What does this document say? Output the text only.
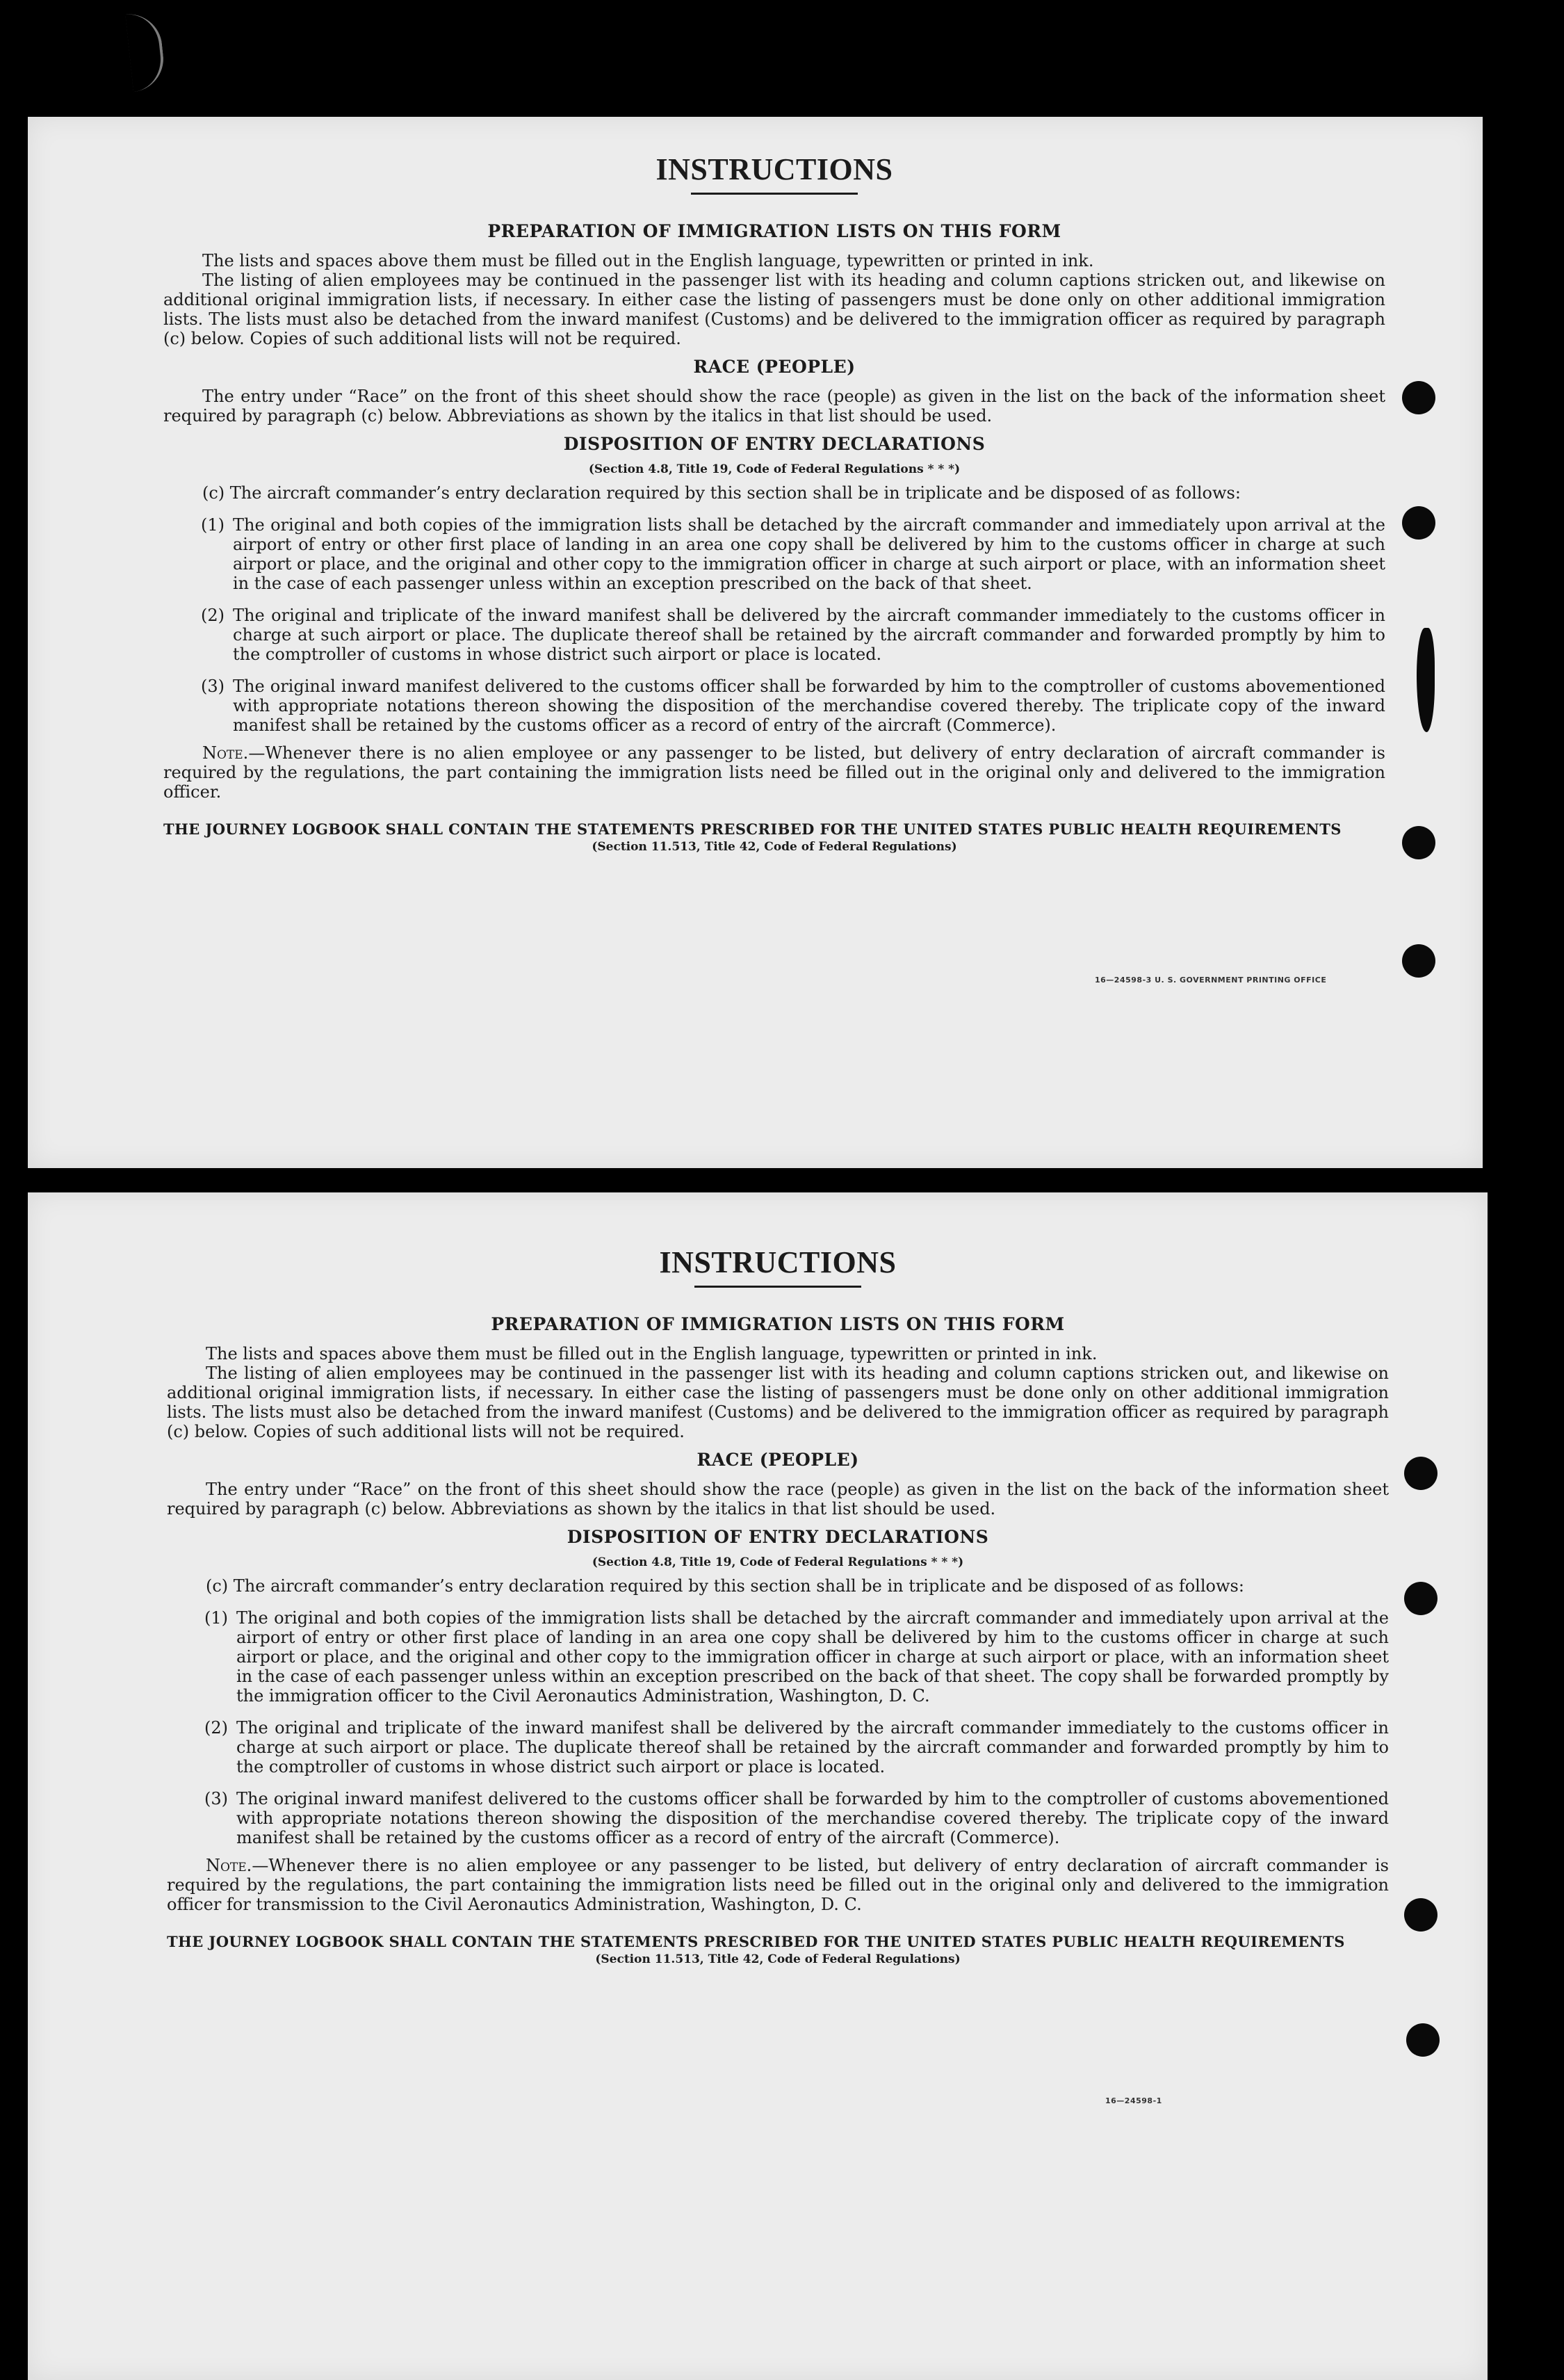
INSTRUCTIONS
PREPARATION OF IMMIGRATION LISTS ON THIS FORM

The lists and spaces above them must be filled out in the English language, typewritten or printed in ink.

The listing of alien employees may be continued in the passenger list with its heading and column captions stricken out, and likewise on additional original immigration lists, if necessary. In either case the listing of passengers must be done only on other additional immigration lists. The lists must also be detached from the inward manifest (Customs) and be delivered to the immigration officer as required by paragraph (c) below. Copies of such additional lists will not be required.

RACE (PEOPLE)

The entry under “Race” on the front of this sheet should show the race (people) as given in the list on the back of the information sheet required by paragraph (c) below. Abbreviations as shown by the italics in that list should be used.

DISPOSITION OF ENTRY DECLARATIONS
(Section 4.8, Title 19, Code of Federal Regulations * * *)

(c) The aircraft commander’s entry declaration required by this section shall be in triplicate and be disposed of as follows:

(1) The original and both copies of the immigration lists shall be detached by the aircraft commander and immediately upon arrival at the airport of entry or other first place of landing in an area one copy shall be delivered by him to the customs officer in charge at such airport or place, and the original and other copy to the immigration officer in charge at such airport or place, with an information sheet in the case of each passenger unless within an exception prescribed on the back of that sheet.

(2) The original and triplicate of the inward manifest shall be delivered by the aircraft commander immediately to the customs officer in charge at such airport or place. The duplicate thereof shall be retained by the aircraft commander and forwarded promptly by him to the comptroller of customs in whose district such airport or place is located.

(3) The original inward manifest delivered to the customs officer shall be forwarded by him to the comptroller of customs abovementioned with appropriate notations thereon showing the disposition of the merchandise covered thereby. The triplicate copy of the inward manifest shall be retained by the customs officer as a record of entry of the aircraft (Commerce).

Note.—Whenever there is no alien employee or any passenger to be listed, but delivery of entry declaration of aircraft commander is required by the regulations, the part containing the immigration lists need be filled out in the original only and delivered to the immigration officer.

THE JOURNEY LOGBOOK SHALL CONTAIN THE STATEMENTS PRESCRIBED FOR THE UNITED STATES PUBLIC HEALTH REQUIREMENTS
(Section 11.513, Title 42, Code of Federal Regulations)
16—24598-3 U. S. GOVERNMENT PRINTING OFFICE
INSTRUCTIONS
PREPARATION OF IMMIGRATION LISTS ON THIS FORM

The lists and spaces above them must be filled out in the English language, typewritten or printed in ink.

The listing of alien employees may be continued in the passenger list with its heading and column captions stricken out, and likewise on additional original immigration lists, if necessary. In either case the listing of passengers must be done only on other additional immigration lists. The lists must also be detached from the inward manifest (Customs) and be delivered to the immigration officer as required by paragraph (c) below. Copies of such additional lists will not be required.

RACE (PEOPLE)

The entry under “Race” on the front of this sheet should show the race (people) as given in the list on the back of the information sheet required by paragraph (c) below. Abbreviations as shown by the italics in that list should be used.

DISPOSITION OF ENTRY DECLARATIONS
(Section 4.8, Title 19, Code of Federal Regulations * * *)

(c) The aircraft commander’s entry declaration required by this section shall be in triplicate and be disposed of as follows:

(1) The original and both copies of the immigration lists shall be detached by the aircraft commander and immediately upon arrival at the airport of entry or other first place of landing in an area one copy shall be delivered by him to the customs officer in charge at such airport or place, and the original and other copy to the immigration officer in charge at such airport or place, with an information sheet in the case of each passenger unless within an exception prescribed on the back of that sheet. The copy shall be forwarded promptly by the immigration officer to the Civil Aeronautics Administration, Washington, D. C.

(2) The original and triplicate of the inward manifest shall be delivered by the aircraft commander immediately to the customs officer in charge at such airport or place. The duplicate thereof shall be retained by the aircraft commander and forwarded promptly by him to the comptroller of customs in whose district such airport or place is located.

(3) The original inward manifest delivered to the customs officer shall be forwarded by him to the comptroller of customs abovementioned with appropriate notations thereon showing the disposition of the merchandise covered thereby. The triplicate copy of the inward manifest shall be retained by the customs officer as a record of entry of the aircraft (Commerce).

Note.—Whenever there is no alien employee or any passenger to be listed, but delivery of entry declaration of aircraft commander is required by the regulations, the part containing the immigration lists need be filled out in the original only and delivered to the immigration officer for transmission to the Civil Aeronautics Administration, Washington, D. C.

THE JOURNEY LOGBOOK SHALL CONTAIN THE STATEMENTS PRESCRIBED FOR THE UNITED STATES PUBLIC HEALTH REQUIREMENTS
(Section 11.513, Title 42, Code of Federal Regulations)
16—24598-1
